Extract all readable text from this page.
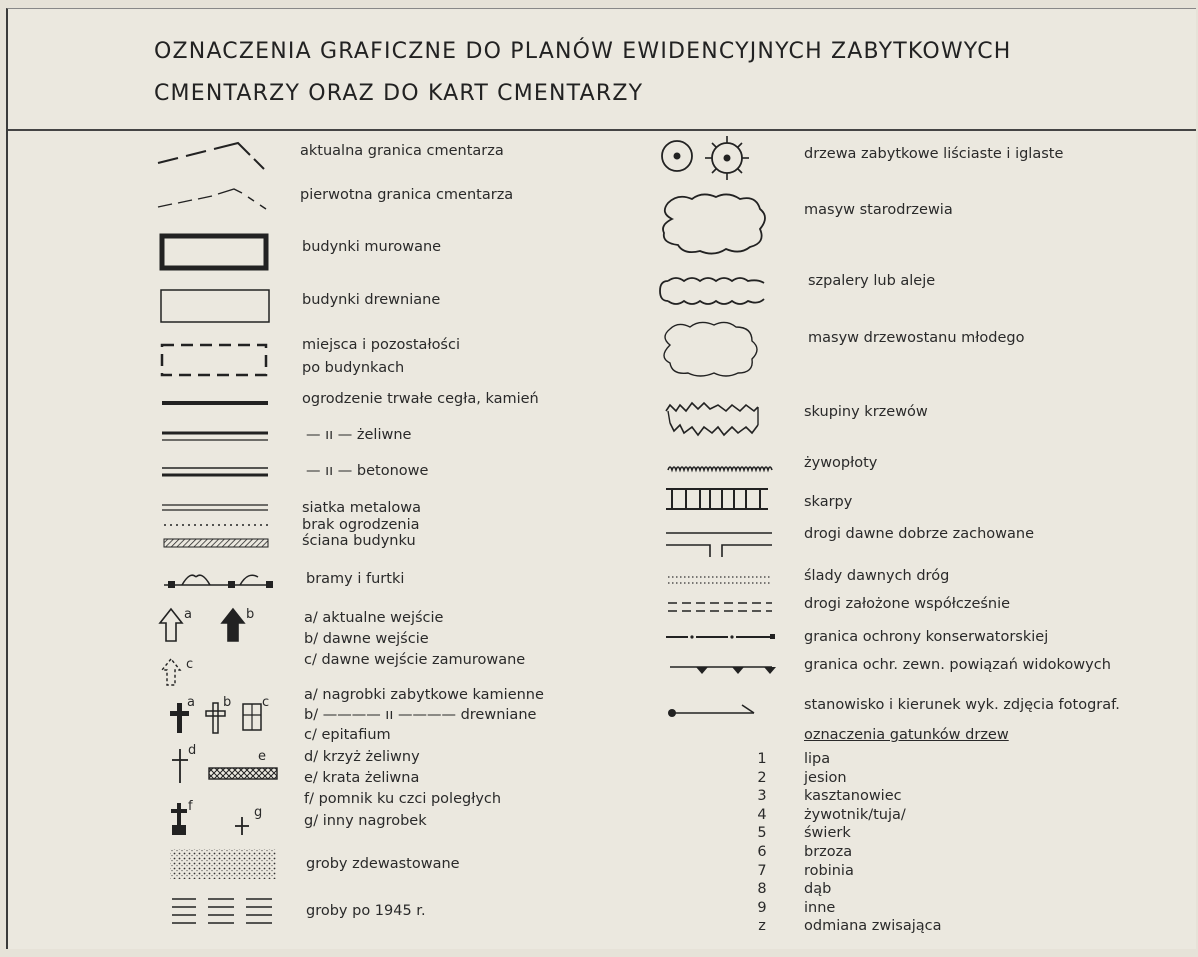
OZNACZENIA GRAFICZNE DO PLANÓW EWIDENCYJNYCH ZABYTKOWYCH
CMENTARZY ORAZ DO KART CMENTARZY
a	b
c
a b c
d	e
f	g
aktualna granica cmentarza
pierwotna granica cmentarza
budynki murowane
budynki drewniane
miejsca i pozostałości
po budynkach
ogrodzenie trwałe cegła, kamień
— ıı — żeliwne
— ıı — betonowe
siatka metalowa
brak ogrodzenia
ściana budynku
bramy i furtki
a/ aktualne wejście
b/ dawne wejście
c/ dawne wejście zamurowane
a/ nagrobki zabytkowe kamienne
b/ ———— ıı ———— drewniane
c/ epitafium
d/ krzyż żeliwny
e/ krata żeliwna
f/ pomnik ku czci poległych
g/ inny nagrobek
groby zdewastowane
groby po 1945 r.
drzewa zabytkowe liściaste i iglaste
masyw starodrzewia
szpalery lub aleje
masyw drzewostanu młodego
skupiny krzewów
żywopłoty
skarpy
drogi dawne dobrze zachowane
ślady dawnych dróg
drogi założone współcześnie
granica ochrony konserwatorskiej
granica ochr. zewn. powiązań widokowych
stanowisko i kierunek wyk. zdjęcia fotograf.
oznaczenia gatunków drzew
1	lipa
2	jesion
3	kasztanowiec
4	żywotnik/tuja/
5	świerk
6	brzoza
7	robinia
8	dąb
9	inne
z	odmiana zwisająca
